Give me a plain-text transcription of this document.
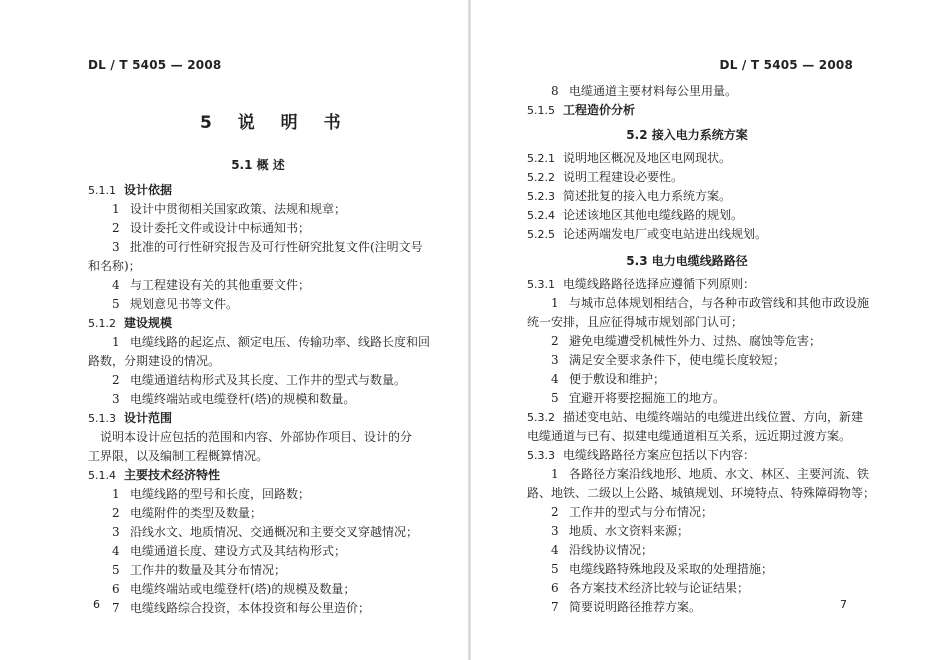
DL / T 5405 — 2008
5 说 明 书
5.1 概 述
5.1.1 设计依据
1 设计中贯彻相关国家政策、法规和规章；
2 设计委托文件或设计中标通知书；
3 批准的可行性研究报告及可行性研究批复文件(注明文号
和名称)；
4 与工程建设有关的其他重要文件；
5 规划意见书等文件。
5.1.2 建设规模
1 电缆线路的起迄点、额定电压、传输功率、线路长度和回
路数，分期建设的情况。
2 电缆通道结构形式及其长度、工作井的型式与数量。
3 电缆终端站或电缆登杆(塔)的规模和数量。
5.1.3 设计范围
说明本设计应包括的范围和内容、外部协作项目、设计的分
工界限，以及编制工程概算情况。
5.1.4 主要技术经济特性
1 电缆线路的型号和长度，回路数；
2 电缆附件的类型及数量；
3 沿线水文、地质情况、交通概况和主要交叉穿越情况；
4 电缆通道长度、建设方式及其结构形式；
5 工作井的数量及其分布情况；
6 电缆终端站或电缆登杆(塔)的规模及数量；
7 电缆线路综合投资，本体投资和每公里造价；
6
DL / T 5405 — 2008
8 电缆通道主要材料每公里用量。
5.1.5 工程造价分析
5.2 接入电力系统方案
5.2.1 说明地区概况及地区电网现状。
5.2.2 说明工程建设必要性。
5.2.3 简述批复的接入电力系统方案。
5.2.4 论述该地区其他电缆线路的规划。
5.2.5 论述两端发电厂或变电站进出线规划。
5.3 电力电缆线路路径
5.3.1 电缆线路路径选择应遵循下列原则：
1 与城市总体规划相结合，与各种市政管线和其他市政设施
统一安排，且应征得城市规划部门认可；
2 避免电缆遭受机械性外力、过热、腐蚀等危害；
3 满足安全要求条件下，使电缆长度较短；
4 便于敷设和维护；
5 宜避开将要挖掘施工的地方。
5.3.2 描述变电站、电缆终端站的电缆进出线位置、方向，新建
电缆通道与已有、拟建电缆通道相互关系，远近期过渡方案。
5.3.3 电缆线路路径方案应包括以下内容：
1 各路径方案沿线地形、地质、水文、林区、主要河流、铁
路、地铁、二级以上公路、城镇规划、环境特点、特殊障碍物等；
2 工作井的型式与分布情况；
3 地质、水文资料来源；
4 沿线协议情况；
5 电缆线路特殊地段及采取的处理措施；
6 各方案技术经济比较与论证结果；
7 简要说明路径推荐方案。	7
